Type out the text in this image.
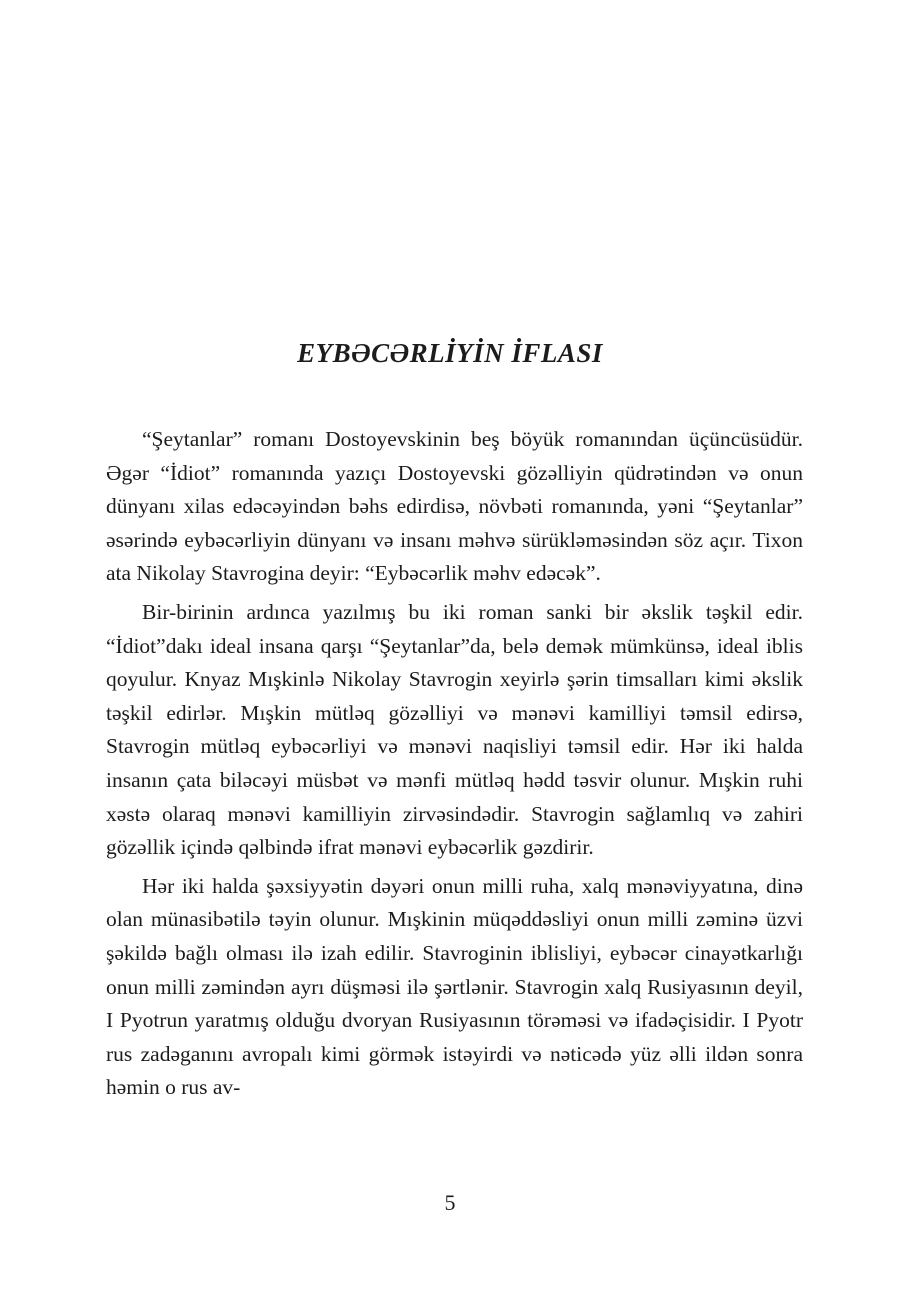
EYBƏCƏRLİYİN İFLASI

“Şeytanlar” romanı Dostoyevskinin beş böyük romanından üçüncüsüdür. Əgər “İdiot” romanında yazıçı Dostoyevski gözəlliyin qüdrətindən və onun dünyanı xilas edəcəyindən bəhs edirdisə, növbəti romanında, yəni “Şeytanlar” əsərində eybəcərliyin dünyanı və insanı məhvə sürükləməsindən söz açır. Tixon ata Nikolay Stavrogina deyir: “Eybəcərlik məhv edəcək”.

Bir-birinin ardınca yazılmış bu iki roman sanki bir əkslik təşkil edir. “İdiot”dakı ideal insana qarşı “Şeytanlar”da, belə demək mümkünsə, ideal iblis qoyulur. Knyaz Mışkinlə Nikolay Stavrogin xeyirlə şərin timsalları kimi əkslik təşkil edirlər. Mışkin mütləq gözəlliyi və mənəvi kamilliyi təmsil edirsə, Stavrogin mütləq eybəcərliyi və mənəvi naqisliyi təmsil edir. Hər iki halda insanın çata biləcəyi müsbət və mənfi mütləq hədd təsvir olunur. Mışkin ruhi xəstə olaraq mənəvi kamilliyin zirvəsindədir. Stavrogin sağlamlıq və zahiri gözəllik içində qəlbində ifrat mənəvi eybəcərlik gəzdirir.

Hər iki halda şəxsiyyətin dəyəri onun milli ruha, xalq mənəviyyatına, dinə olan münasibətilə təyin olunur. Mışkinin müqəddəsliyi onun milli zəminə üzvi şəkildə bağlı olması ilə izah edilir. Stavroginin iblisliyi, eybəcər cinayətkarlığı onun milli zəmindən ayrı düşməsi ilə şərtlənir. Stavrogin xalq Rusiyasının deyil, I Pyotrun yaratmış olduğu dvoryan Rusiyasının törəməsi və ifadəçisidir. I Pyotr rus zadəganını avropalı kimi görmək istəyirdi və nəticədə yüz əlli ildən sonra həmin o rus av-

5
